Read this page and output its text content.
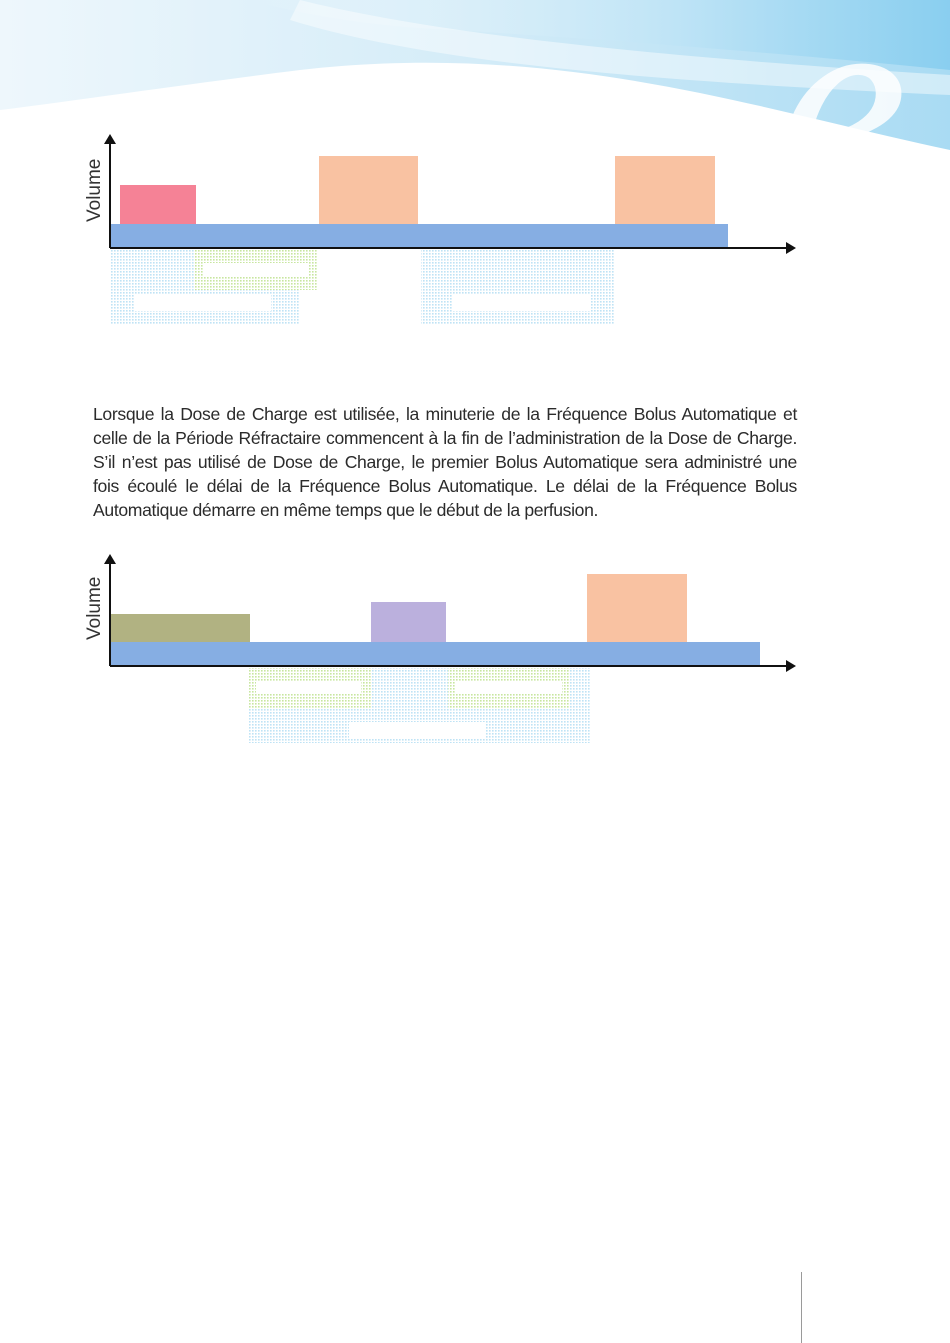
e
Volume
Lorsque la Dose de Charge est utilisée, la minuterie de la Fréquence Bolus Automatique et celle de la Période Réfractaire commencent à la fin de l’administration de la Dose de Charge. S’il n’est pas utilisé de Dose de Charge, le premier Bolus Automatique sera administré une fois écoulé le délai de la Fréquence Bolus Automatique. Le délai de la Fréquence Bolus Automatique démarre en même temps que le début de la perfusion.
Volume
